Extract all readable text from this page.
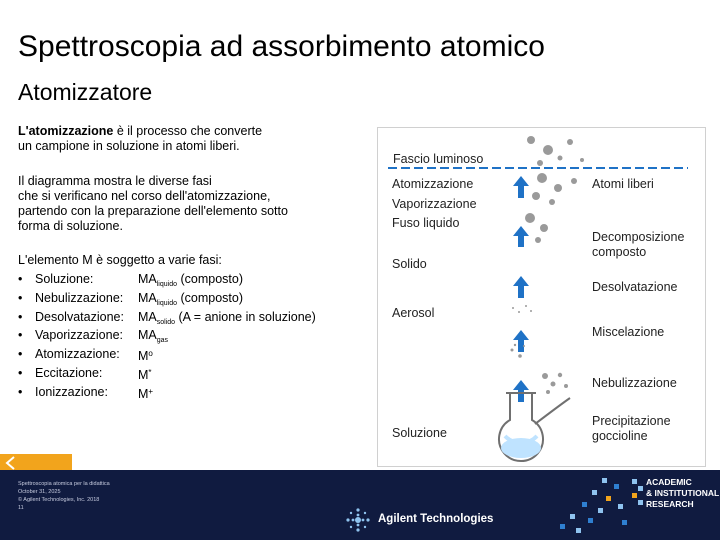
Spettroscopia ad assorbimento atomico
Atomizzatore
L'atomizzazione è il processo che converte
un campione in soluzione in atomi liberi.
Il diagramma mostra le diverse fasi
che si verificano nel corso dell'atomizzazione,
partendo con la preparazione dell'elemento sotto
forma di soluzione.
L'elemento M è soggetto a varie fasi:
• Soluzione:	$MA_{liquido}$ (composto)
• Nebulizzazione: $MA_{liquido}$ (composto)
• Desolvatazione: $MA_{solido}$ (A = anione in soluzione)
• Vaporizzazione: $MA_{gas}$
• Atomizzazione: $M^o$
• Eccitazione:	M*
• Ionizzazione: M+
Fascio luminoso
Atomizzazione
Vaporizzazione
Fuso liquido
Solido
Aerosol
Soluzione
Atomi liberi
Decomposizione
composto
Desolvatazione
Miscelazione
Nebulizzazione
Precipitazione
goccioline
Spettroscopia atomica per la didattica
October 31, 2025
© Agilent Technologies, Inc. 2018
11
Agilent Technologies
ACADEMIC
& INSTITUTIONAL
RESEARCH
